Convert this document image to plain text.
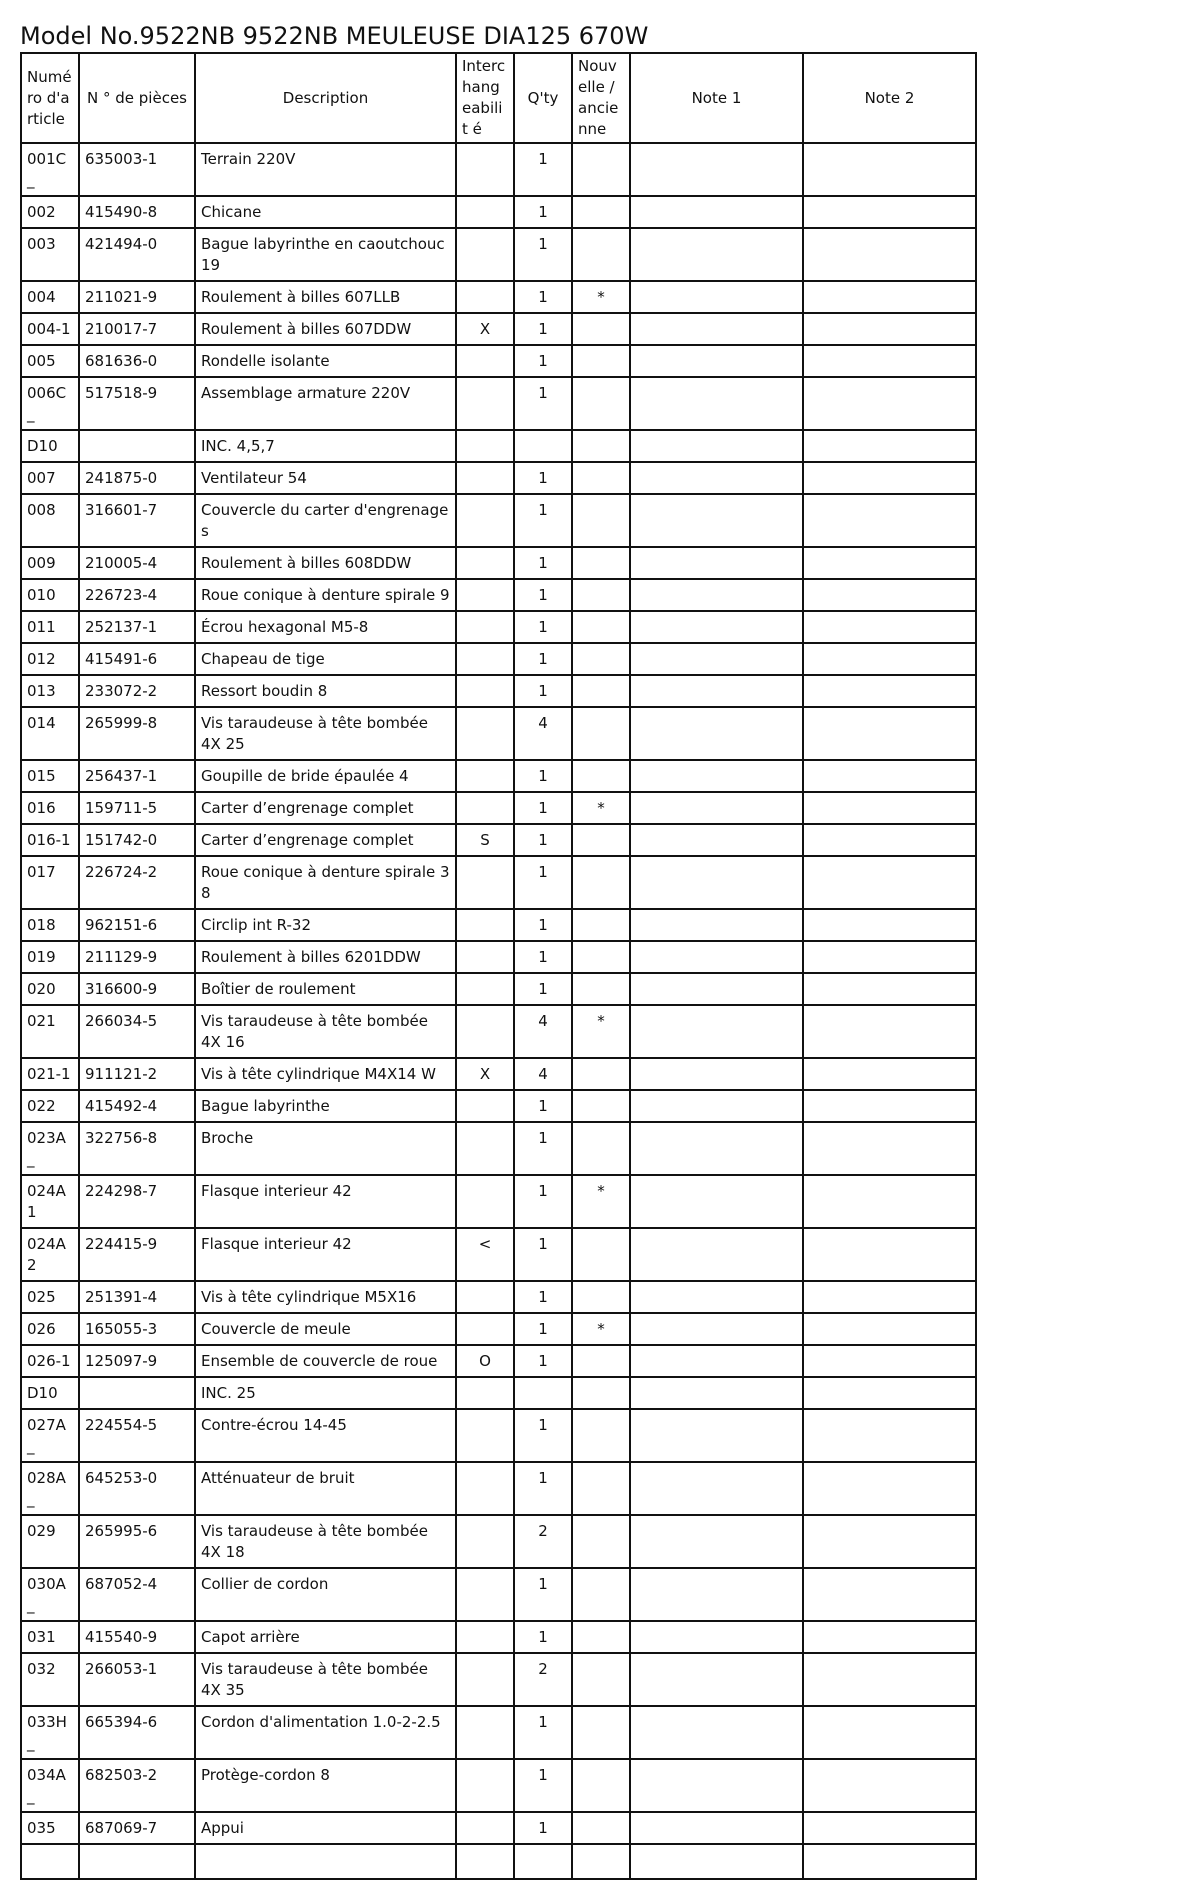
Model No.9522NB 9522NB MEULEUSE DIA125 670W
Numé ro d'a rticle	N ° de pièces	Description	Interc hang eabilit é	Q'ty	Nouv elle / ancie nne	Note 1	Note 2
001C_	635003-1	Terrain 220V		1			
002	415490-8	Chicane		1			
003	421494-0	Bague labyrinthe en caoutchouc 19		1			
004	211021-9	Roulement à billes 607LLB		1	*		
004-1	210017-7	Roulement à billes 607DDW	X	1			
005	681636-0	Rondelle isolante		1			
006C_	517518-9	Assemblage armature 220V		1			
D10		INC. 4,5,7					
007	241875-0	Ventilateur 54		1			
008	316601-7	Couvercle du carter d'engrenage s		1			
009	210005-4	Roulement à billes 608DDW		1			
010	226723-4	Roue conique à denture spirale 9		1			
011	252137-1	Écrou hexagonal M5-8		1			
012	415491-6	Chapeau de tige		1			
013	233072-2	Ressort boudin 8		1			
014	265999-8	Vis taraudeuse à tête bombée 4X 25		4			
015	256437-1	Goupille de bride épaulée 4		1			
016	159711-5	Carter d’engrenage complet		1	*		
016-1	151742-0	Carter d’engrenage complet	S	1			
017	226724-2	Roue conique à denture spirale 3 8		1			
018	962151-6	Circlip int R-32		1			
019	211129-9	Roulement à billes 6201DDW		1			
020	316600-9	Boîtier de roulement		1			
021	266034-5	Vis taraudeuse à tête bombée 4X 16		4	*		
021-1	911121-2	Vis à tête cylindrique M4X14 W	X	4			
022	415492-4	Bague labyrinthe		1			
023A_	322756-8	Broche		1			
024A1	224298-7	Flasque interieur 42		1	*		
024A2	224415-9	Flasque interieur 42	<	1			
025	251391-4	Vis à tête cylindrique M5X16		1			
026	165055-3	Couvercle de meule		1	*		
026-1	125097-9	Ensemble de couvercle de roue	O	1			
D10		INC. 25					
027A_	224554-5	Contre-écrou 14-45		1			
028A_	645253-0	Atténuateur de bruit		1			
029	265995-6	Vis taraudeuse à tête bombée 4X 18		2			
030A_	687052-4	Collier de cordon		1			
031	415540-9	Capot arrière		1			
032	266053-1	Vis taraudeuse à tête bombée 4X 35		2			
033H_	665394-6	Cordon d'alimentation 1.0-2-2.5		1			
034A_	682503-2	Protège-cordon 8		1			
035	687069-7	Appui		1			
